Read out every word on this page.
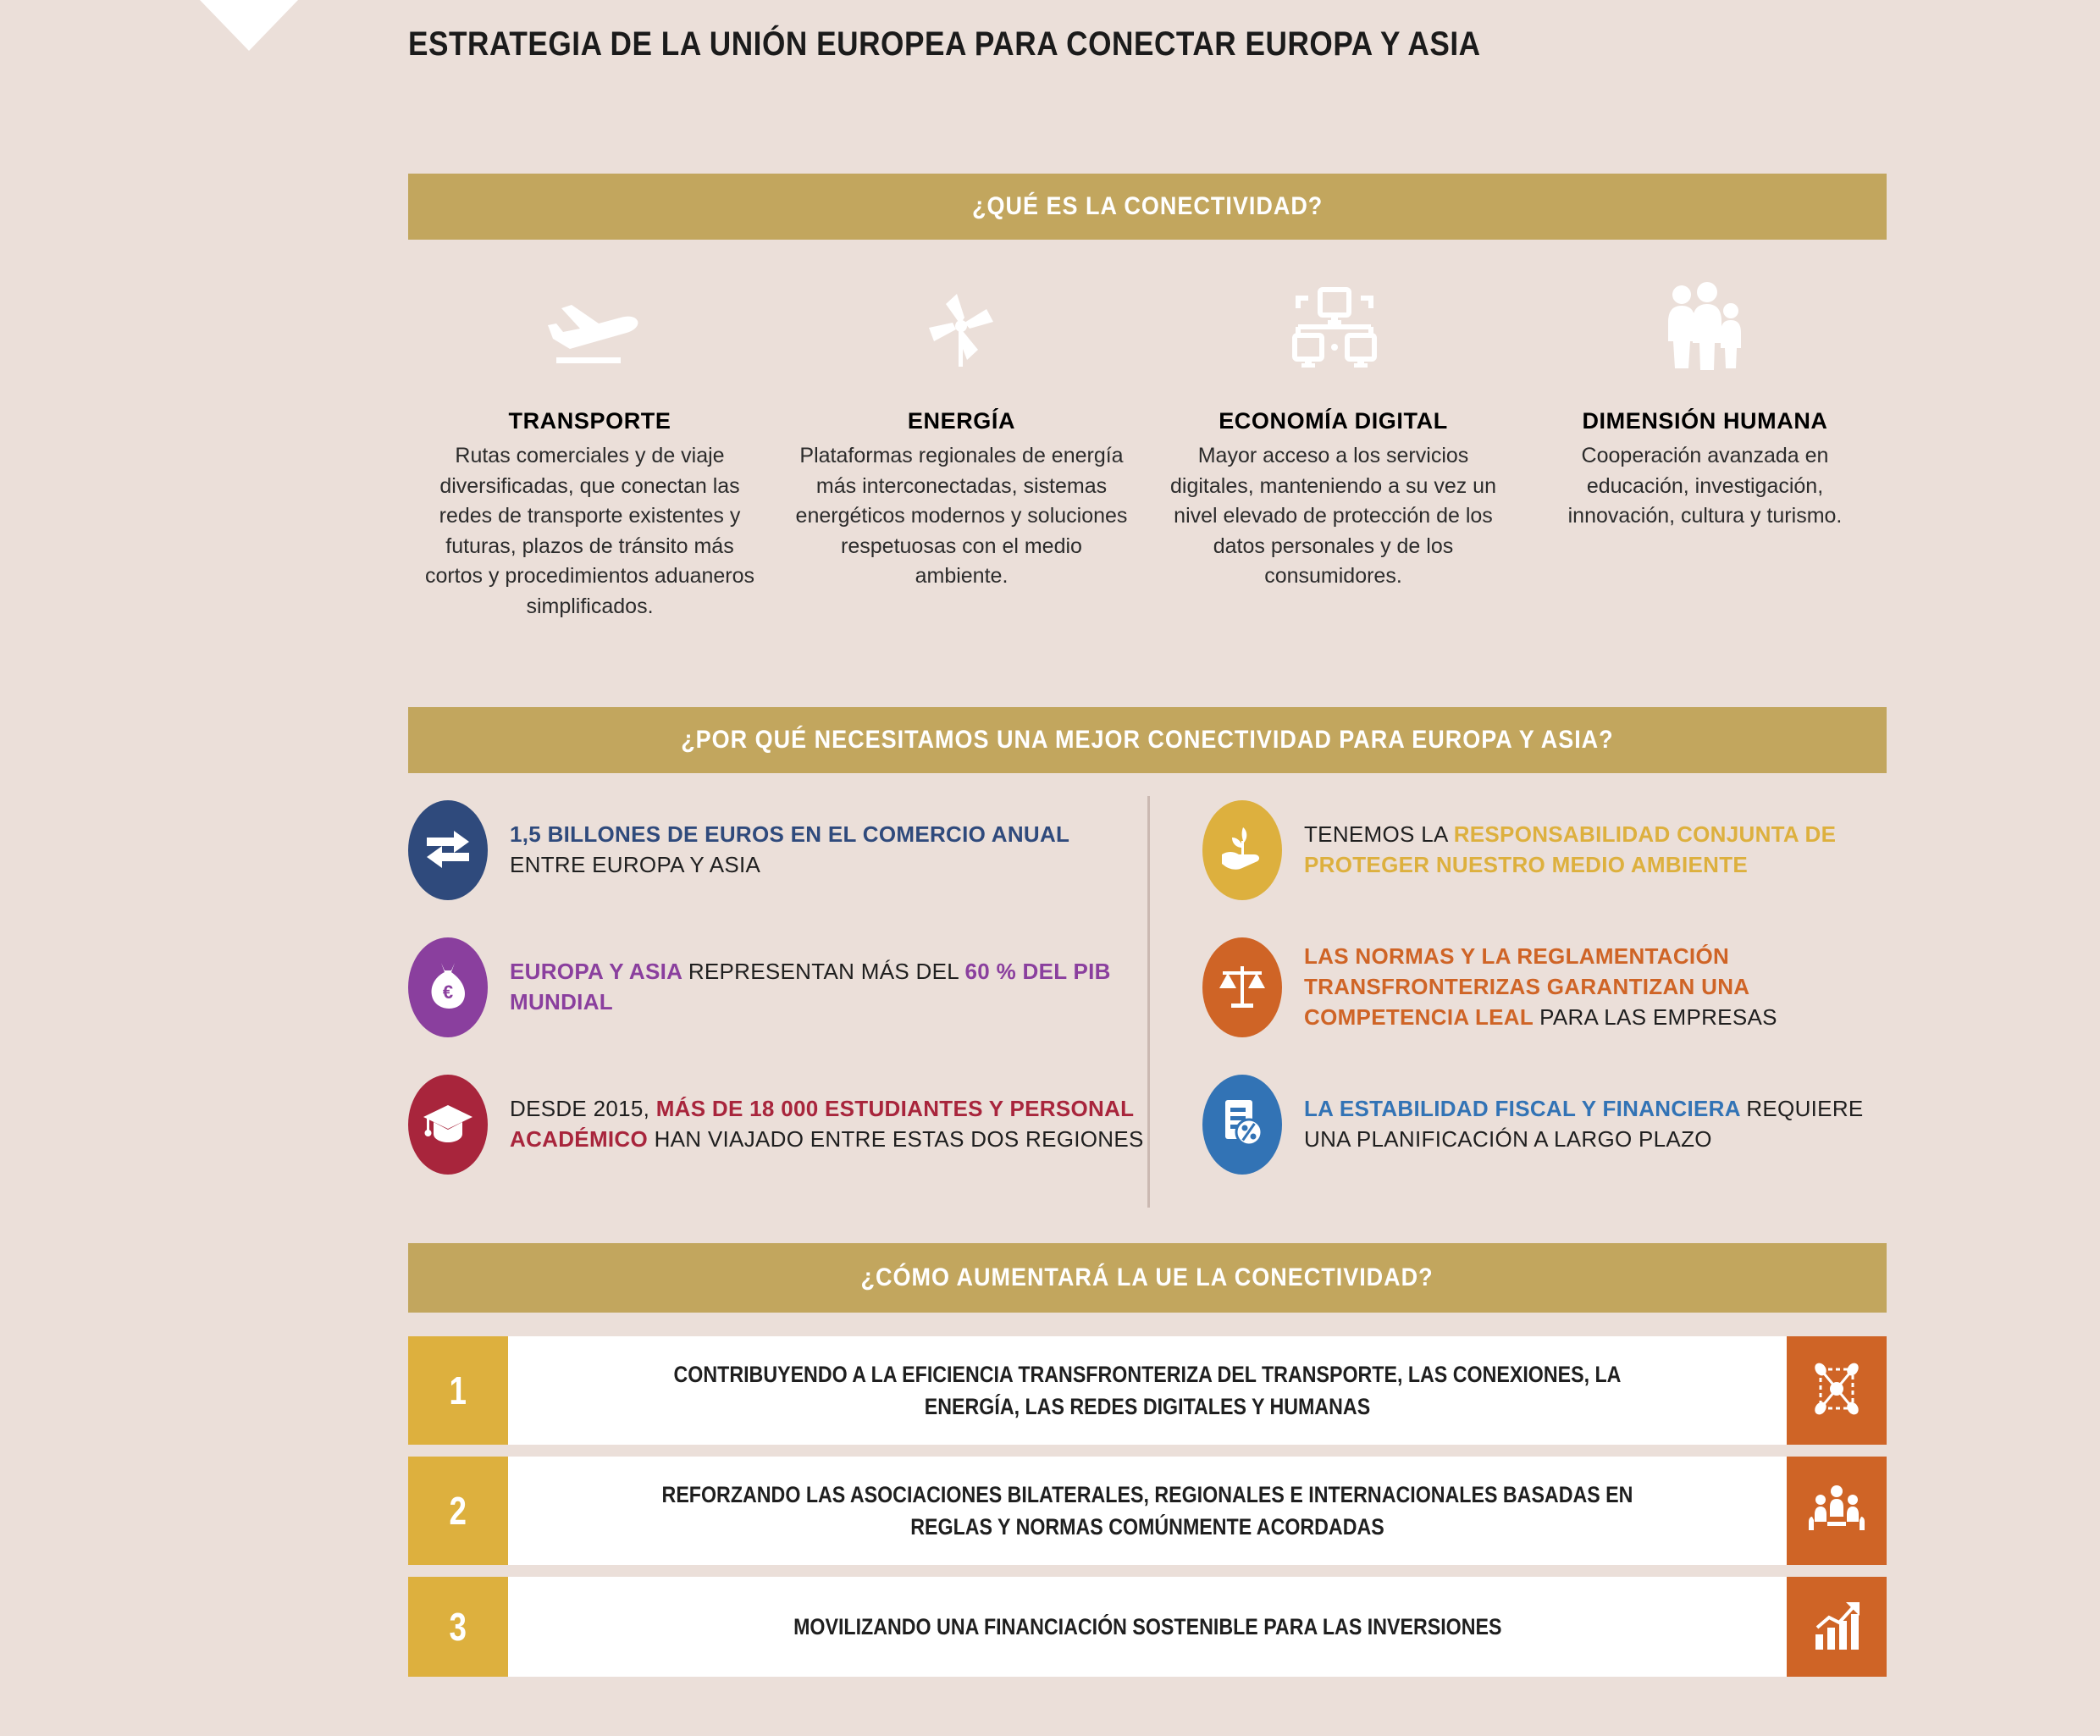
ESTRATEGIA DE LA UNIÓN EUROPEA PARA CONECTAR EUROPA Y ASIA
¿QUÉ ES LA CONECTIVIDAD?
TRANSPORTE
Rutas comerciales y de viaje diversificadas, que conectan las redes de transporte existentes y futuras, plazos de tránsito más cortos y procedimientos aduaneros simplificados.
ENERGÍA
Plataformas regionales de energía más interconectadas, sistemas energéticos modernos y soluciones respetuosas con el medio ambiente.
ECONOMÍA DIGITAL
Mayor acceso a los servicios digitales, manteniendo a su vez un nivel elevado de protección de los datos personales y de los consumidores.
DIMENSIÓN HUMANA
Cooperación avanzada en educación, investigación, innovación, cultura y turismo.
¿POR QUÉ NECESITAMOS UNA MEJOR CONECTIVIDAD PARA EUROPA Y ASIA?
1,5 BILLONES DE EUROS EN EL COMERCIO ANUAL ENTRE EUROPA Y ASIA
€
EUROPA Y ASIA REPRESENTAN MÁS DEL 60 % DEL PIB MUNDIAL
DESDE 2015, MÁS DE 18 000 ESTUDIANTES Y PERSONAL ACADÉMICO HAN VIAJADO ENTRE ESTAS DOS REGIONES
TENEMOS LA RESPONSABILIDAD CONJUNTA DE PROTEGER NUESTRO MEDIO AMBIENTE
LAS NORMAS Y LA REGLAMENTACIÓN TRANSFRONTERIZAS GARANTIZAN UNA COMPETENCIA LEAL PARA LAS EMPRESAS
LA ESTABILIDAD FISCAL Y FINANCIERA REQUIERE UNA PLANIFICACIÓN A LARGO PLAZO
¿CÓMO AUMENTARÁ LA UE LA CONECTIVIDAD?
1	CONTRIBUYENDO A LA EFICIENCIA TRANSFRONTERIZA DEL TRANSPORTE, LAS CONEXIONES, LA ENERGÍA, LAS REDES DIGITALES Y HUMANAS
2	REFORZANDO LAS ASOCIACIONES BILATERALES, REGIONALES E INTERNACIONALES BASADAS EN REGLAS Y NORMAS COMÚNMENTE ACORDADAS
3	MOVILIZANDO UNA FINANCIACIÓN SOSTENIBLE PARA LAS INVERSIONES
